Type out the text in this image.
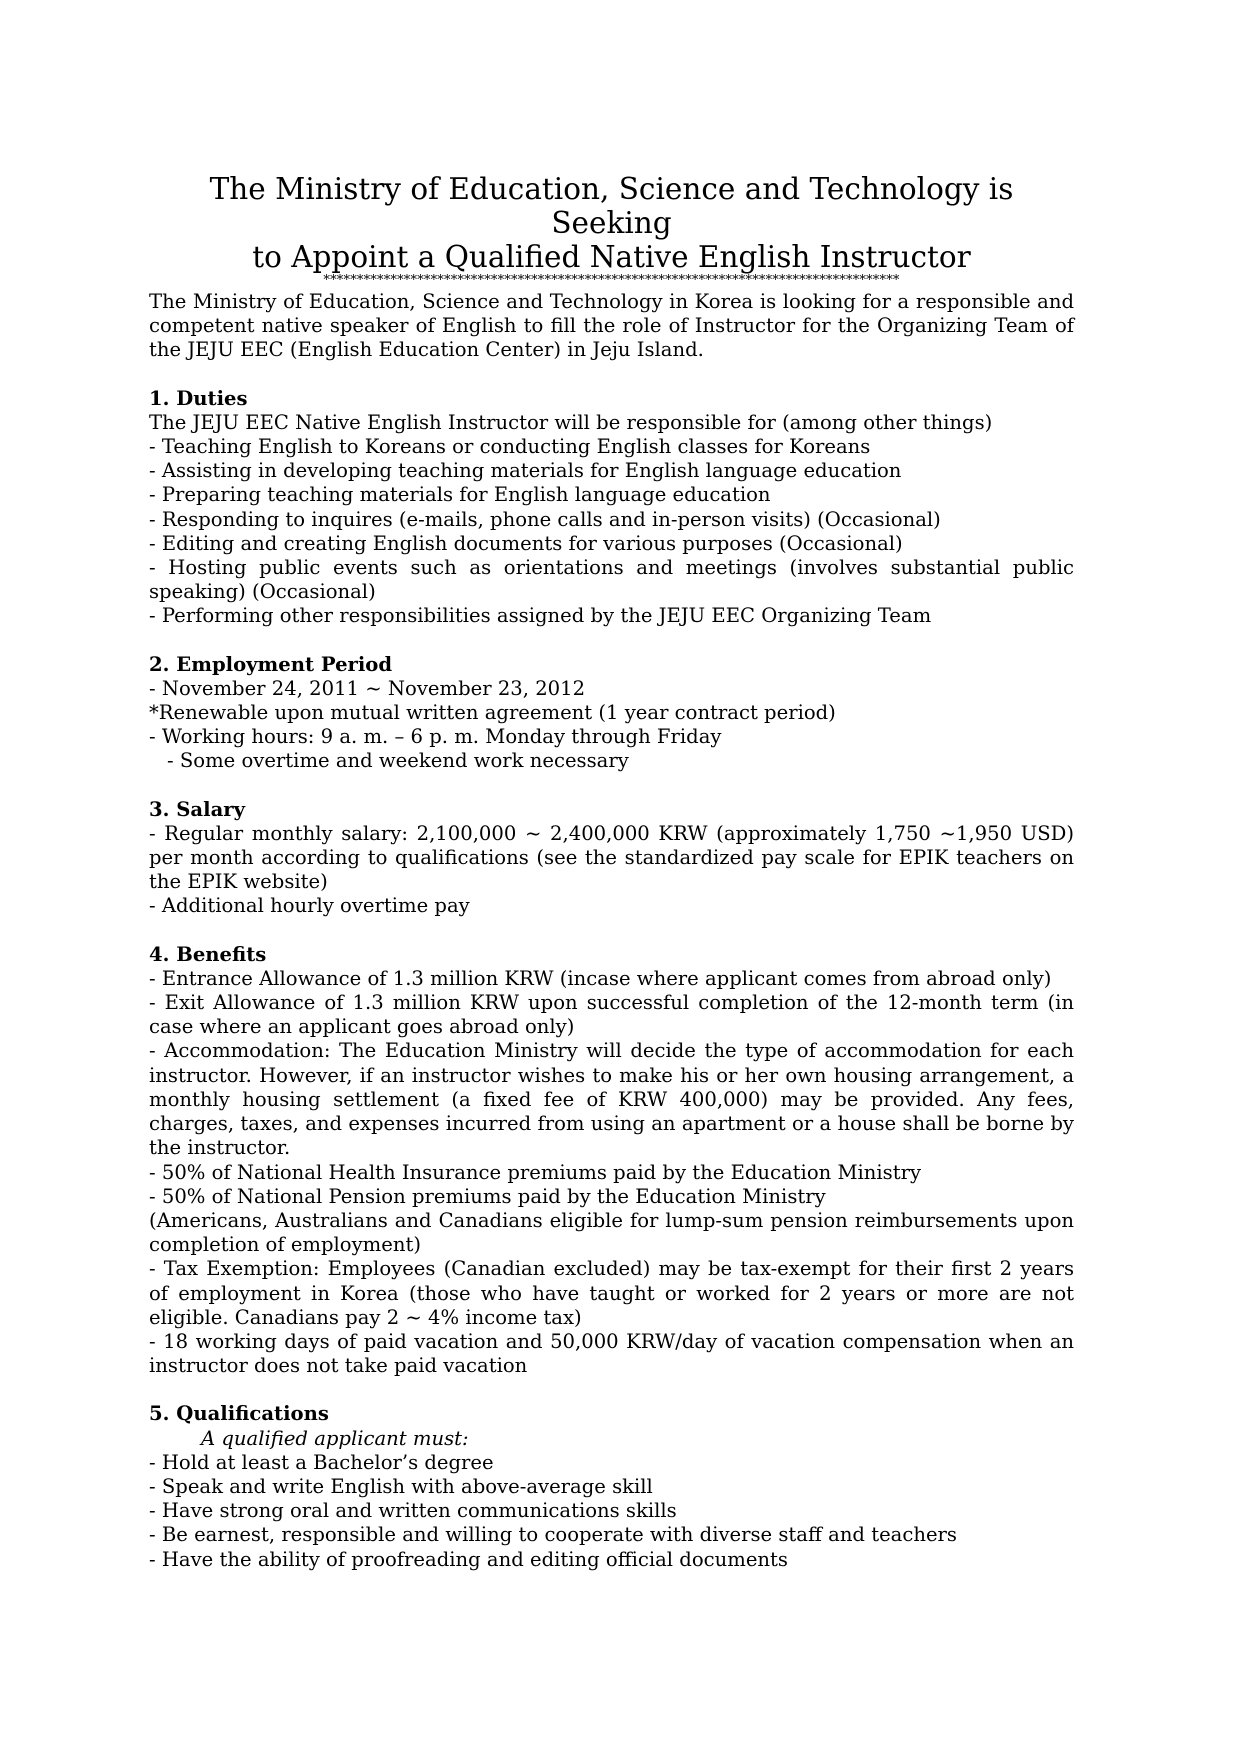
The Ministry of Education, Science and Technology is Seeking
to Appoint a Qualified Native English Instructor
**************************************************************************************

The Ministry of Education, Science and Technology in Korea is looking for a responsible and competent native speaker of English to fill the role of Instructor for the Organizing Team of the JEJU EEC (English Education Center) in Jeju Island.

1. Duties

The JEJU EEC Native English Instructor will be responsible for (among other things)

- Teaching English to Koreans or conducting English classes for Koreans

- Assisting in developing teaching materials for English language education

- Preparing teaching materials for English language education

- Responding to inquires (e-mails, phone calls and in-person visits) (Occasional)

- Editing and creating English documents for various purposes (Occasional)

- Hosting public events such as orientations and meetings (involves substantial public speaking) (Occasional)

- Performing other responsibilities assigned by the JEJU EEC Organizing Team

2. Employment Period

- November 24, 2011 ~ November 23, 2012

*Renewable upon mutual written agreement (1 year contract period)

- Working hours: 9 a. m. – 6 p. m. Monday through Friday

- Some overtime and weekend work necessary

3. Salary

- Regular monthly salary: 2,100,000 ~ 2,400,000 KRW (approximately 1,750 ~1,950 USD) per month according to qualifications (see the standardized pay scale for EPIK teachers on the EPIK website)

- Additional hourly overtime pay

4. Benefits

- Entrance Allowance of 1.3 million KRW (incase where applicant comes from abroad only)

- Exit Allowance of 1.3 million KRW upon successful completion of the 12-month term (in case where an applicant goes abroad only)

- Accommodation: The Education Ministry will decide the type of accommodation for each instructor. However, if an instructor wishes to make his or her own housing arrangement, a monthly housing settlement (a fixed fee of KRW 400,000) may be provided. Any fees, charges, taxes, and expenses incurred from using an apartment or a house shall be borne by the instructor.

- 50% of National Health Insurance premiums paid by the Education Ministry

- 50% of National Pension premiums paid by the Education Ministry

(Americans, Australians and Canadians eligible for lump-sum pension reimbursements upon completion of employment)

- Tax Exemption: Employees (Canadian excluded) may be tax-exempt for their first 2 years of employment in Korea (those who have taught or worked for 2 years or more are not eligible. Canadians pay 2 ~ 4% income tax)

- 18 working days of paid vacation and 50,000 KRW/day of vacation compensation when an instructor does not take paid vacation

5. Qualifications

A qualified applicant must:

- Hold at least a Bachelor’s degree

- Speak and write English with above-average skill

- Have strong oral and written communications skills

- Be earnest, responsible and willing to cooperate with diverse staff and teachers

- Have the ability of proofreading and editing official documents
